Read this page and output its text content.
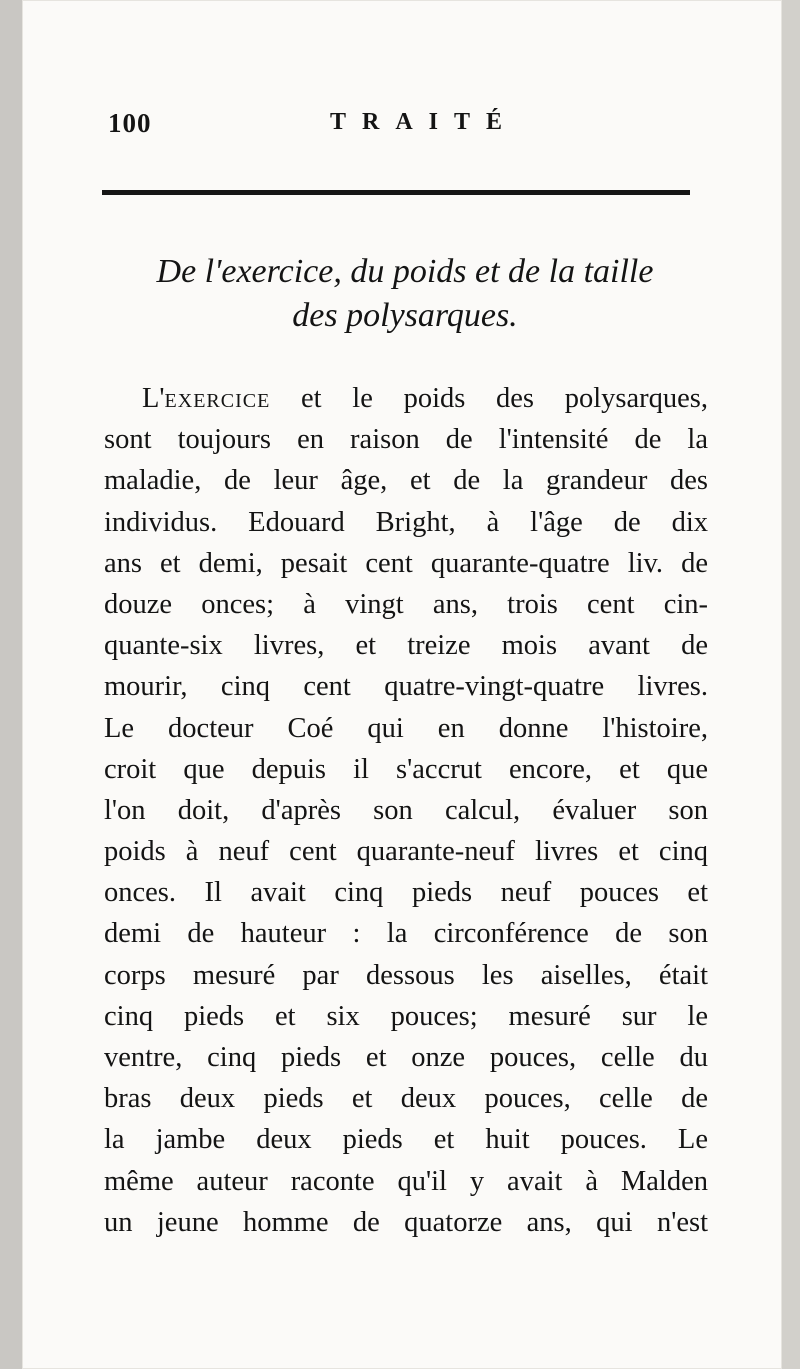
100	TRAITÉ
De l'exercice, du poids et de la taille
des polysarques.
L'EXERCICE et le poids des polysarques,
sont toujours en raison de l'intensité de la
maladie, de leur âge, et de la grandeur des
individus. Edouard Bright, à l'âge de dix
ans et demi, pesait cent quarante-quatre liv. de
douze onces; à vingt ans, trois cent cin-
quante-six livres, et treize mois avant de
mourir, cinq cent quatre-vingt-quatre livres.
Le docteur Coé qui en donne l'histoire,
croit que depuis il s'accrut encore, et que
l'on doit, d'après son calcul, évaluer son
poids à neuf cent quarante-neuf livres et cinq
onces. Il avait cinq pieds neuf pouces et
demi de hauteur : la circonférence de son
corps mesuré par dessous les aiselles, était
cinq pieds et six pouces; mesuré sur le
ventre, cinq pieds et onze pouces, celle du
bras deux pieds et deux pouces, celle de
la jambe deux pieds et huit pouces. Le
même auteur raconte qu'il y avait à Malden
un jeune homme de quatorze ans, qui n'est
